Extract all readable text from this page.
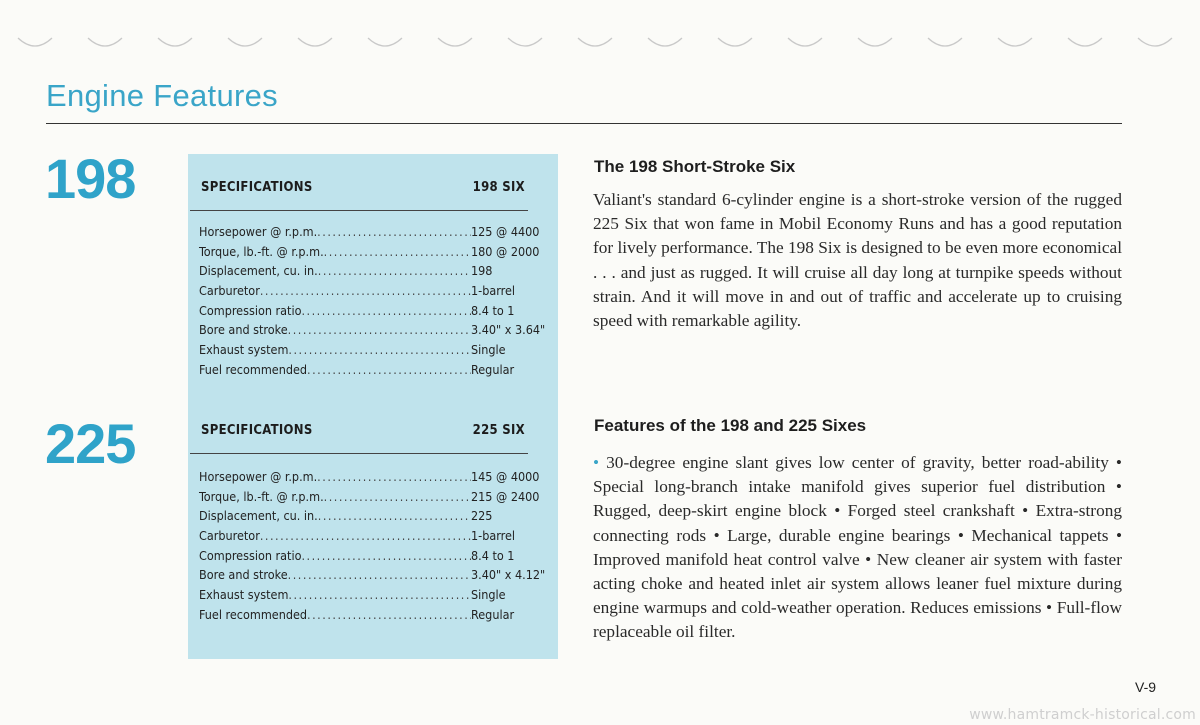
Engine Features
198
225
SPECIFICATIONS	198 SIX
Horsepower @ r.p.m. .....	125 @ 4400
Torque, lb.-ft. @ r.p.m. .....	180 @ 2000
Displacement, cu. in. .....	198
Carburetor .....	1-barrel
Compression ratio .....	8.4 to 1
Bore and stroke .....	3.40" x 3.64"
Exhaust system .....	Single
Fuel recommended .....	Regular
SPECIFICATIONS	225 SIX
Horsepower @ r.p.m. .....	145 @ 4000
Torque, lb.-ft. @ r.p.m. .....	215 @ 2400
Displacement, cu. in. .....	225
Carburetor .....	1-barrel
Compression ratio .....	8.4 to 1
Bore and stroke .....	3.40" x 4.12"
Exhaust system .....	Single
Fuel recommended .....	Regular
The 198 Short-Stroke Six
Valiant's standard 6-cylinder engine is a short-stroke version of the rugged 225 Six that won fame in Mobil Economy Runs and has a good reputation for lively performance. The 198 Six is designed to be even more economical . . . and just as rugged. It will cruise all day long at turnpike speeds without strain. And it will move in and out of traffic and accelerate up to cruising speed with remarkable agility.
Features of the 198 and 225 Sixes
• 30-degree engine slant gives low center of gravity, better road-ability • Special long-branch intake manifold gives superior fuel distribution • Rugged, deep-skirt engine block • Forged steel crankshaft • Extra-strong connecting rods • Large, durable engine bearings • Mechanical tappets • Improved manifold heat control valve • New cleaner air system with faster acting choke and heated inlet air system allows leaner fuel mixture during engine warmups and cold-weather operation. Reduces emissions • Full-flow replaceable oil filter.
V-9
www.hamtramck-historical.com
